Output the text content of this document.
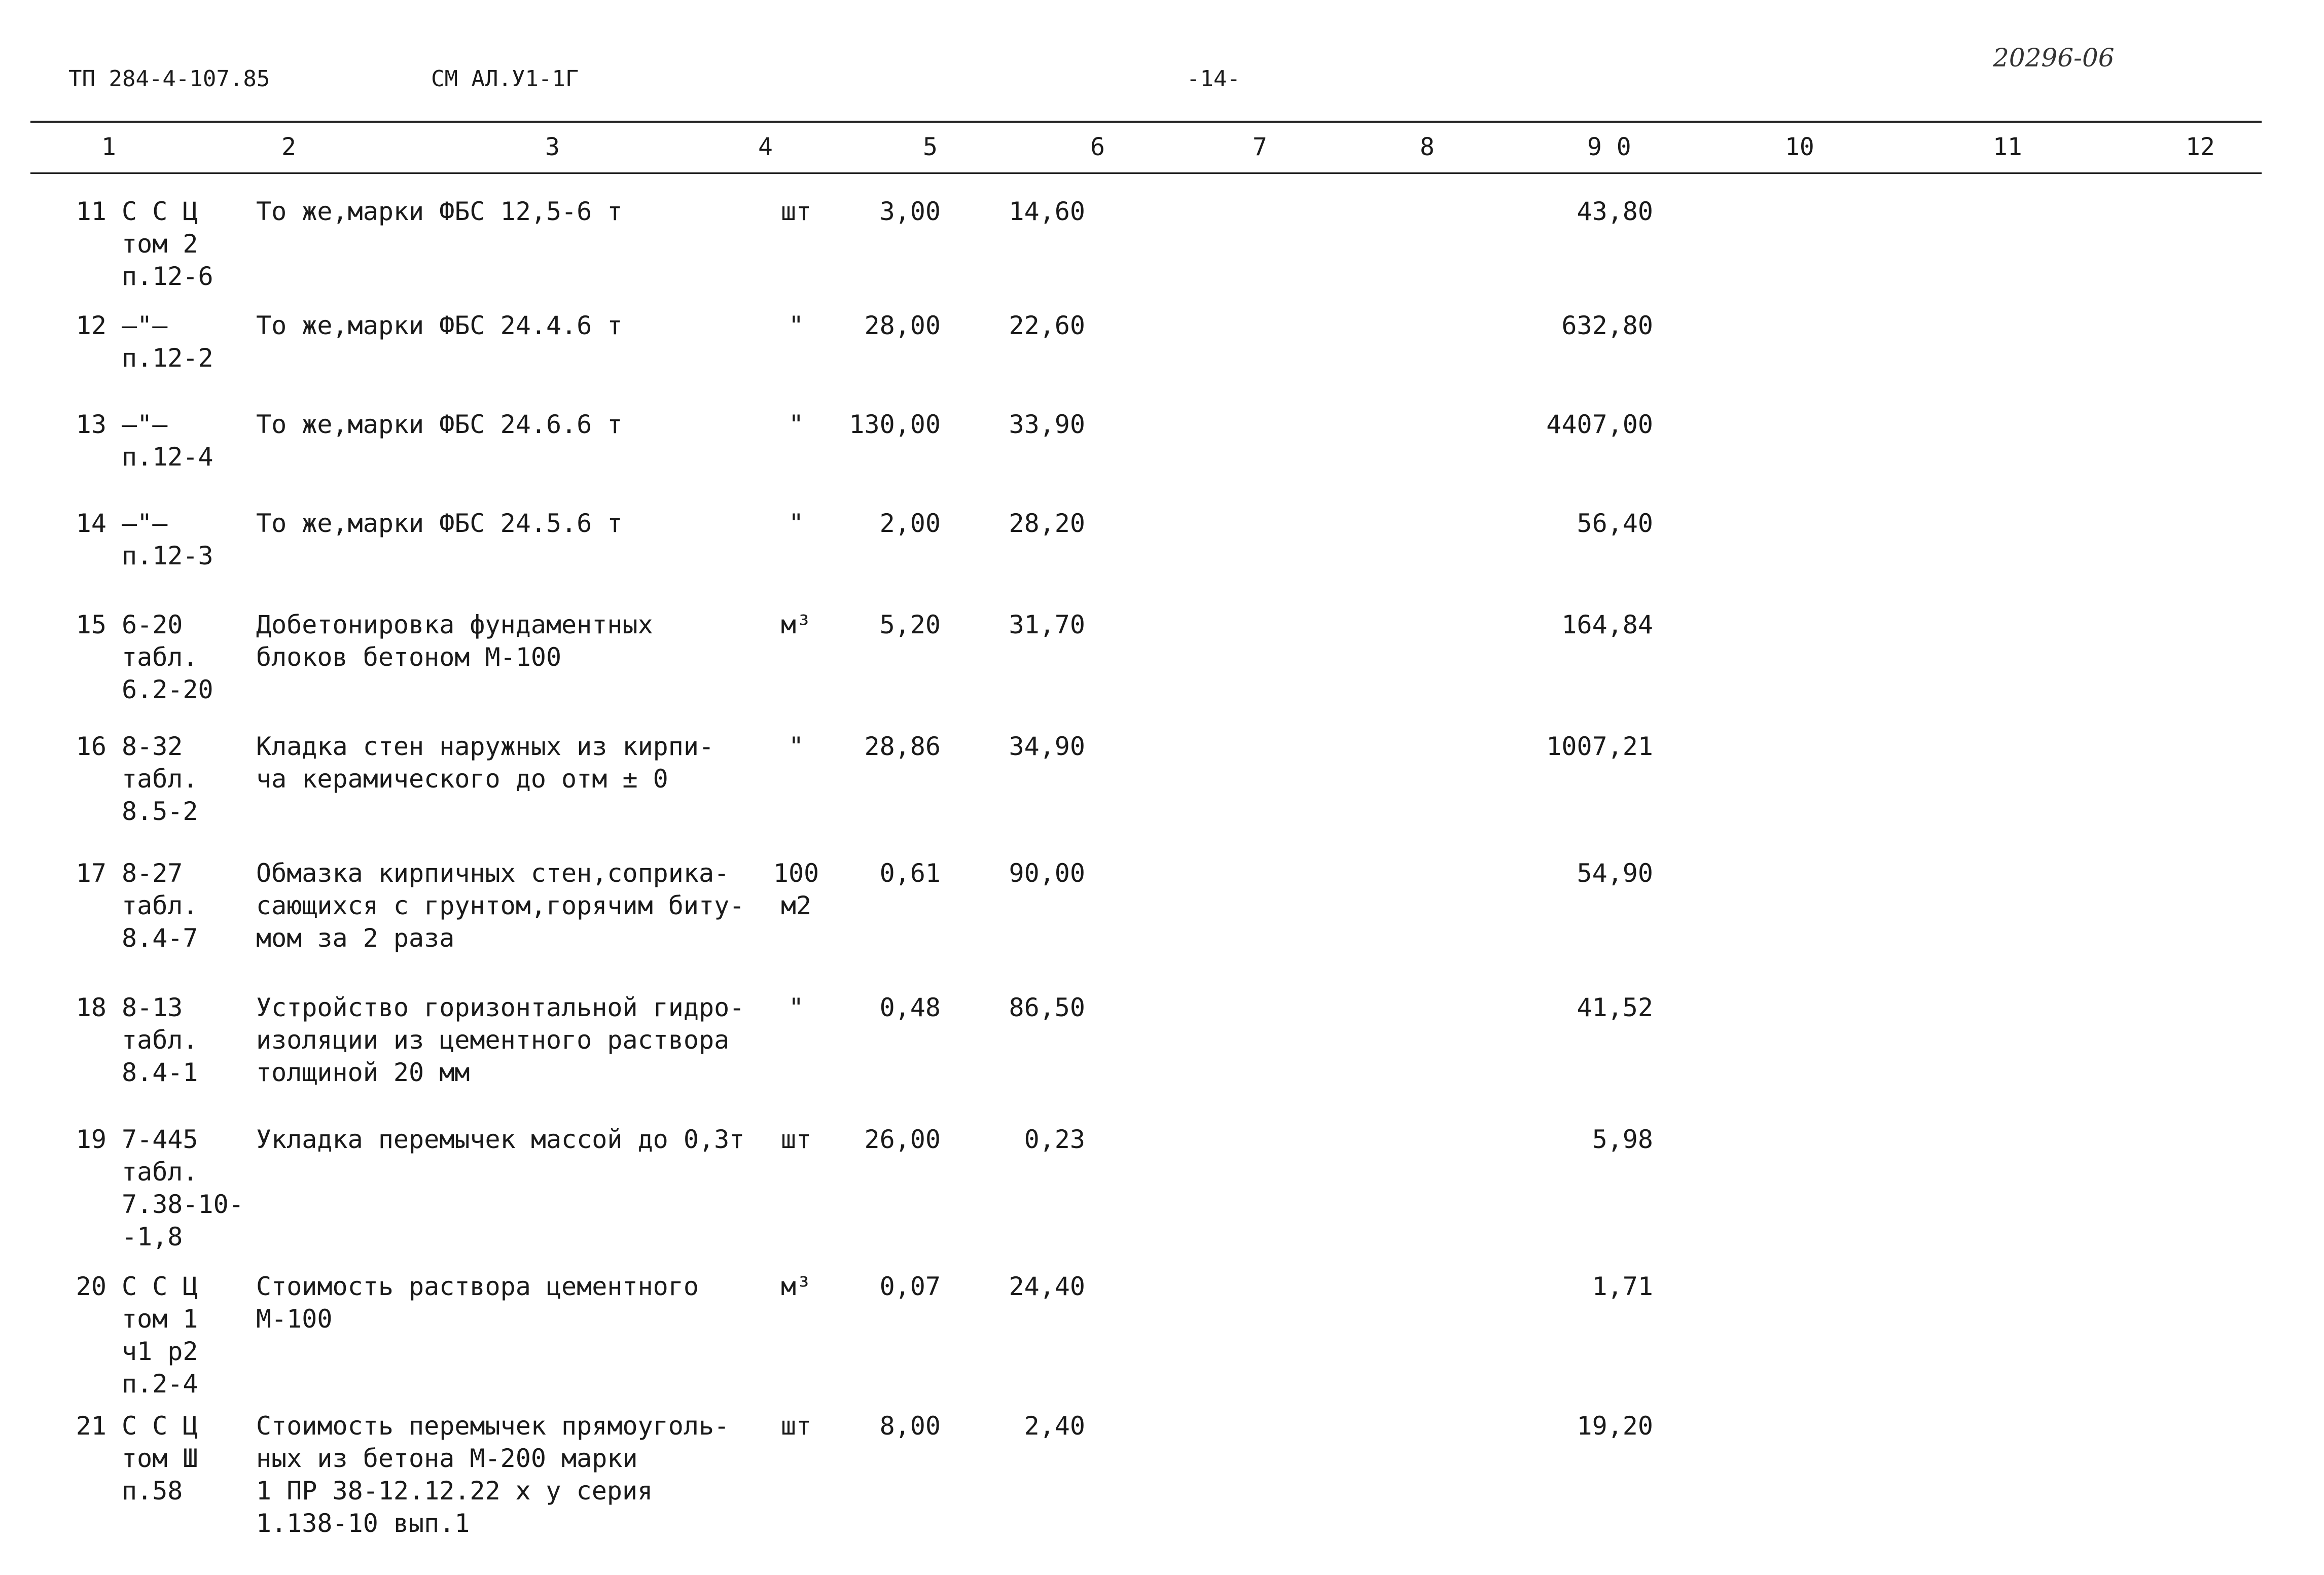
ТП 284-4-107.85	СМ АЛ.У1-1Г	-14-
20296-06
1	2	3	4	5	6	7	8	9 0	10	11	12
11 С С Ц
том 2
п.12-6
То же,марки ФБС 12,5-6 т	шт	3,00	14,60	43,80
12 —"—
п.12-2
То же,марки ФБС 24.4.6 т	"	28,00	22,60	632,80
13 —"—
п.12-4
То же,марки ФБС 24.6.6 т	"	130,00	33,90	4407,00
14 —"—
п.12-3
То же,марки ФБС 24.5.6 т	"	2,00	28,20	56,40
15 6-20
табл.
6.2-20
Добетонировка фундаментных
блоков бетоном М-100
м³	5,20	31,70	164,84
16 8-32
табл.
8.5-2
Кладка стен наружных из кирпи-
ча керамического до отм ± 0
"	28,86	34,90	1007,21
17 8-27
табл.
8.4-7
Обмазка кирпичных стен,соприка-
сающихся с грунтом,горячим биту-
мом за 2 раза
100
м2
0,61	90,00	54,90
18 8-13
табл.
8.4-1
Устройство горизонтальной гидро-
изоляции из цементного раствора
толщиной 20 мм
"	0,48	86,50	41,52
19 7-445
табл.
7.38-10-
-1,8
Укладка перемычек массой до 0,3т	шт	26,00	0,23	5,98
20 С С Ц
том 1
ч1 р2
п.2-4
Стоимость раствора цементного
М-100
м³	0,07	24,40	1,71
21 С С Ц
том Ш
п.58
Стоимость перемычек прямоуголь-
ных из бетона М-200 марки
1 ПР 38-12.12.22 ⅹ у серия
1.138-10 вып.1
шт	8,00	2,40	19,20
